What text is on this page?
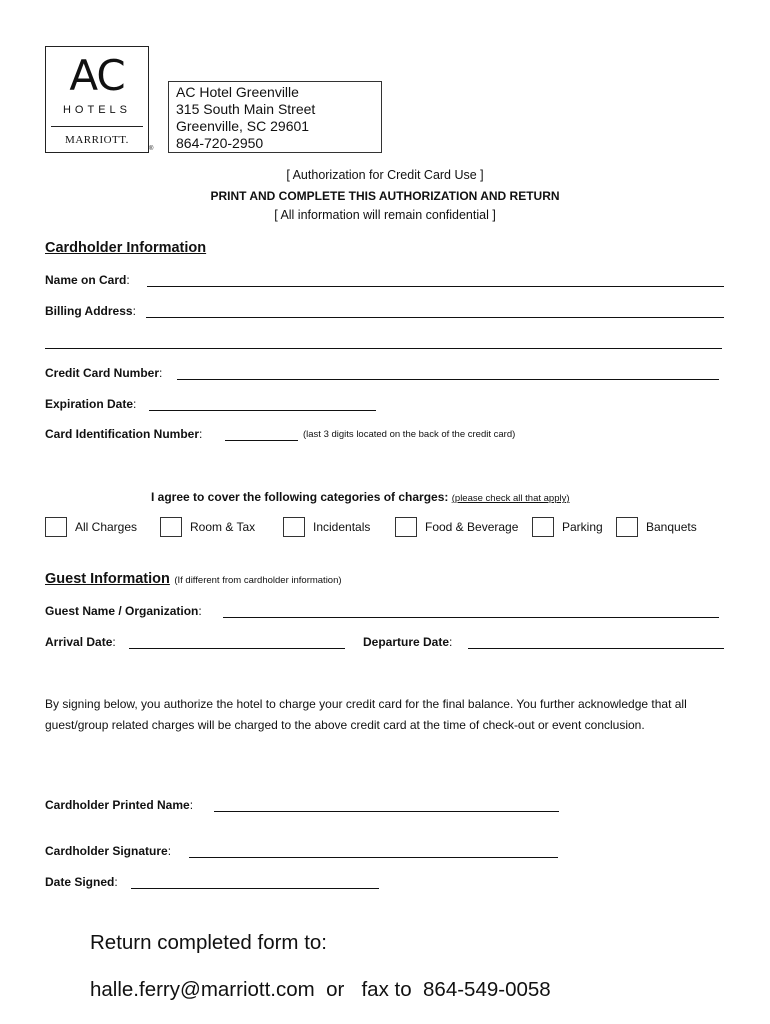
AC
HOTELS
MARRIOTT.
®
AC Hotel Greenville
315 South Main Street
Greenville, SC 29601
864-720-2950
[ Authorization for Credit Card Use ]
PRINT AND COMPLETE THIS AUTHORIZATION AND RETURN
[ All information will remain confidential ]
Cardholder Information
Name on Card:
Billing Address:
Credit Card Number:
Expiration Date:
Card Identification Number:	(last 3 digits located on the back of the credit card)
I agree to cover the following categories of charges: (please check all that apply)
All Charges	Room & Tax	Incidentals	Food & Beverage	Parking	Banquets
Guest Information (If different from cardholder information)
Guest Name / Organization:
Arrival Date:	Departure Date:
By signing below, you authorize the hotel to charge your credit card for the final balance. You further acknowledge that all guest/group related charges will be charged to the above credit card at the time of check-out or event conclusion.
Cardholder Printed Name:
Cardholder Signature:
Date Signed:
Return completed form to:
halle.ferry@marriott.com or fax to 864-549-0058
